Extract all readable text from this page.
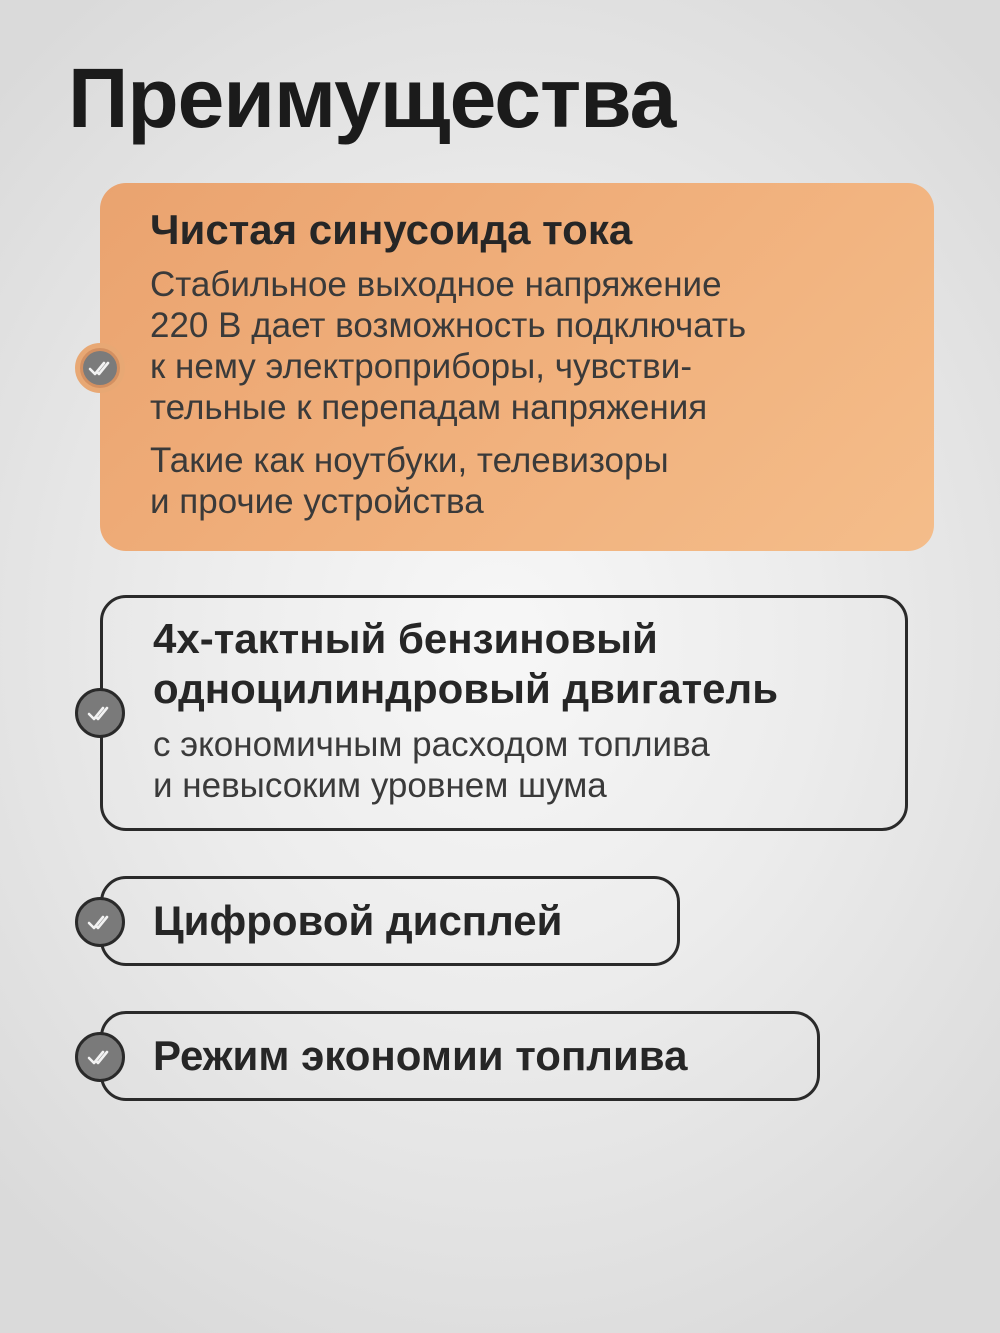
Преимущества
Чистая синусоида тока

Стабильное выходное напряжение
220 В дает возможность подключать
к нему электроприборы, чувстви-
тельные к перепадам напряжения

Такие как ноутбуки, телевизоры
и прочие устройства

4х-тактный бензиновый
одноцилиндровый двигатель

с экономичным расходом топлива
и невысоким уровнем шума

Цифровой дисплей
Режим экономии топлива
